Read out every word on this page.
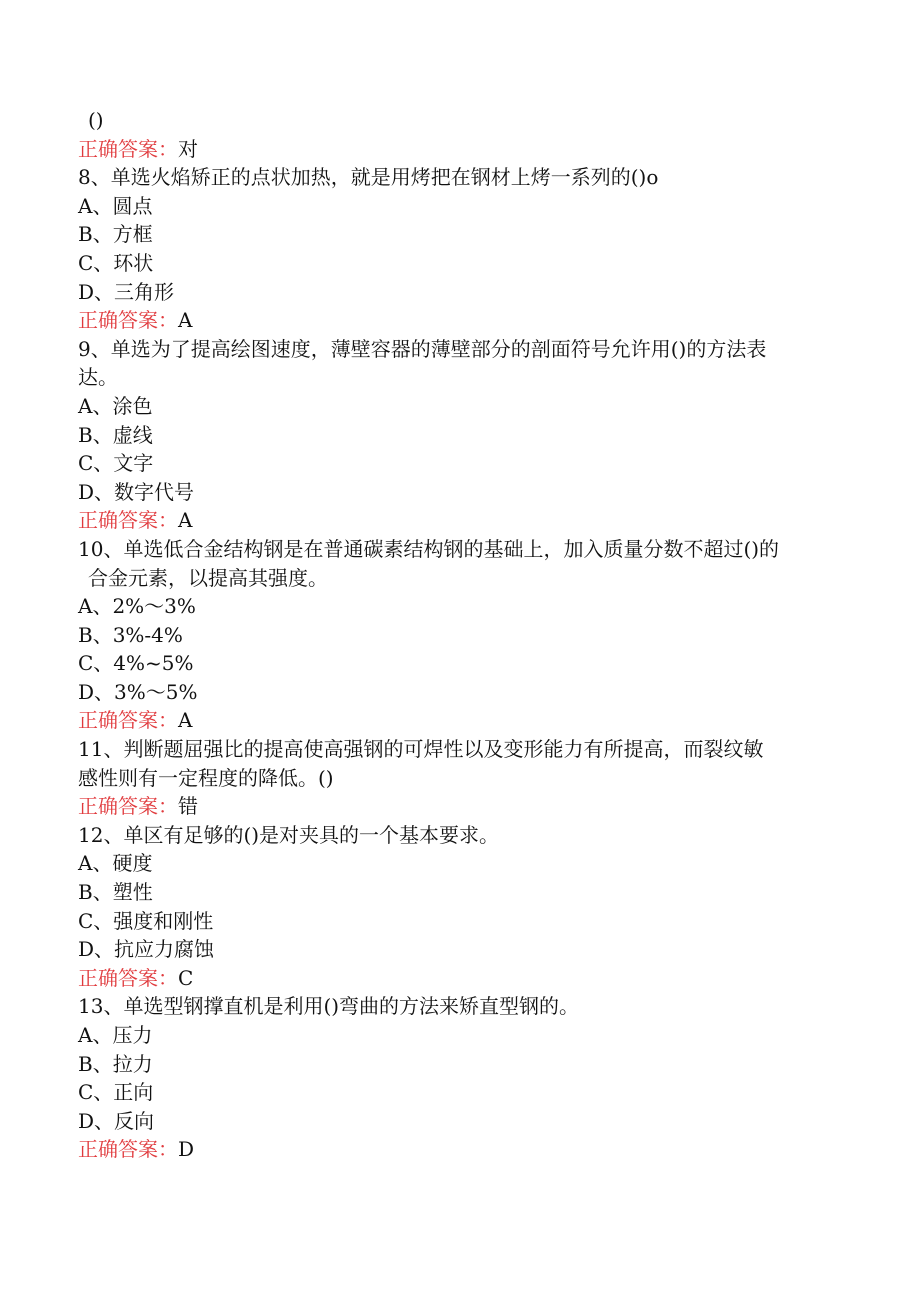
()
正确答案：对
8、单选火焰矫正的点状加热，就是用烤把在钢材上烤一系列的()o
A、圆点
B、方框
C、环状
D、三角形
正确答案：A
9、单选为了提高绘图速度，薄壁容器的薄壁部分的剖面符号允许用()的方法表
达。
A、涂色
B、虚线
C、文字
D、数字代号
正确答案：A
10、单选低合金结构钢是在普通碳素结构钢的基础上，加入质量分数不超过()的
合金元素，以提高其强度。
A、2%～3%
B、3%-4%
C、4%~5%
D、3%～5%
正确答案：A
11、判断题屈强比的提高使高强钢的可焊性以及变形能力有所提高，而裂纹敏
感性则有一定程度的降低。()
正确答案：错
12、单区有足够的()是对夹具的一个基本要求。
A、硬度
B、塑性
C、强度和刚性
D、抗应力腐蚀
正确答案：C
13、单选型钢撑直机是利用()弯曲的方法来矫直型钢的。
A、压力
B、拉力
C、正向
D、反向
正确答案：D
